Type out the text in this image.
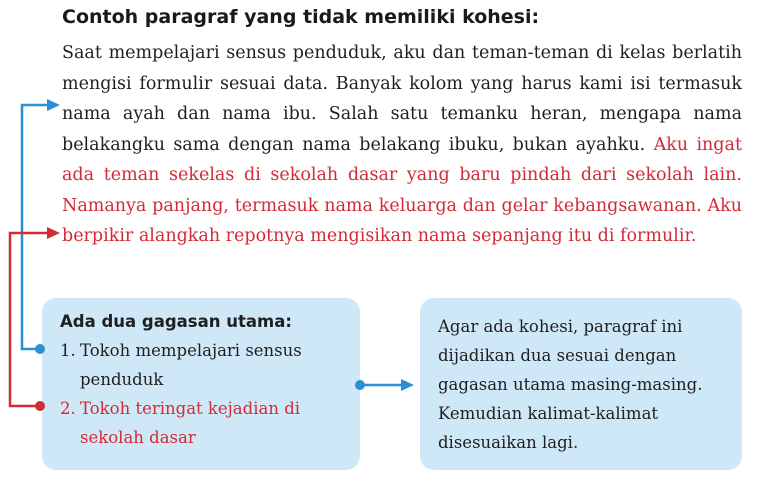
Contoh paragraf yang tidak memiliki kohesi:

Saat mempelajari sensus penduduk, aku dan teman-teman di kelas berlatih mengisi formulir sesuai data. Banyak kolom yang harus kami isi termasuk nama ayah dan nama ibu. Salah satu temanku heran, mengapa nama belakangku sama dengan nama belakang ibuku, bukan ayahku. Aku ingat ada teman sekelas di sekolah dasar yang baru pindah dari sekolah lain. Namanya panjang, termasuk nama keluarga dan gelar kebangsawanan. Aku berpikir alangkah repotnya mengisikan nama sepanjang itu di formulir.

Ada dua gagasan utama:

1. Tokoh mempelajari sensus penduduk
2. Tokoh teringat kejadian di sekolah dasar

Agar ada kohesi, paragraf ini dijadikan dua sesuai dengan gagasan utama masing-masing. Kemudian kalimat-kalimat disesuaikan lagi.
